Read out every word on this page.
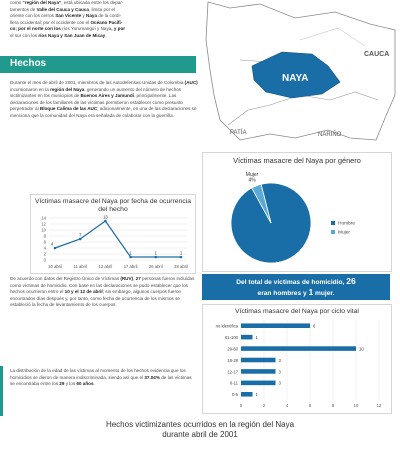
como “región del Naya”, está ubicada entre los depar-
tamentos de Valle del Cauca y Cauca, limita por el
oriente con los cerros San Vicente y Naya de la cordi-
llera occidental; por el occidente con el Océano Pacífi-
co; por el norte con los ríos Yurumanguí y Naya, y por
el sur con los ríos Naya y San Juan de Micay.
CAUCA
NAYA
PATÍA	NARIÑO
Hechos

Durante el mes de abril de 2001, miembros de las Autodefensas Unidas de Colombia (AUC) incursionaron en la región del Naya, generando un aumento del número de hechos victimizantes en los municipios de Buenos Aires y Jamundí, principalmente. Las declaraciones de los familiares de las víctimas permitieron establecer como presunto perpetrador al Bloque Calima de las AUC; adicionalmente, en una de las declaraciones se menciona que la comunidad del Naya era señalada de colaborar con la guerrilla.

Víctimas masacre del Naya por fecha de ocurrencia del hecho
0
2
4
6
8
10
12
14
4
10 abril
7
11 abril
13
12 abril
1
17 abril
1
26 abril
1
28 abril
Víctimas masacre del Naya por género
Hombre
96%
Mujer
4%
Hombre
Mujer
Del total de víctimas de homicidio, 26
eran hombres y 1 mujer.

De acuerdo con datos del Registro Único de Víctimas (RUV), 27 personas fueron incluidas como víctimas de homicidio. Con base en las declaraciones se pudo establecer que los hechos ocurrieron entre el 10 y el 12 de abril; sin embargo, algunos cuerpos fueron encontrados días después y, por tanto, como fecha de ocurrencia de los mismos se estableció la fecha de levantamiento de los cuerpos.

Víctimas masacre del Naya por ciclo vital
0	2	4	6	8	10	12
no identifica	6
61-100	1
29-60	10
18-28	3
12-17	3
6-11	3
0-5	1

La distribución de la edad de las víctimas al momento de los hechos evidencia que los homicidios se dieron de manera indiscriminada, siendo así que el 37.04% de las víctimas se encontraba entre los 29 y los 60 años.

Hechos victimizantes ocurridos en la región del Naya
durante abril de 2001
